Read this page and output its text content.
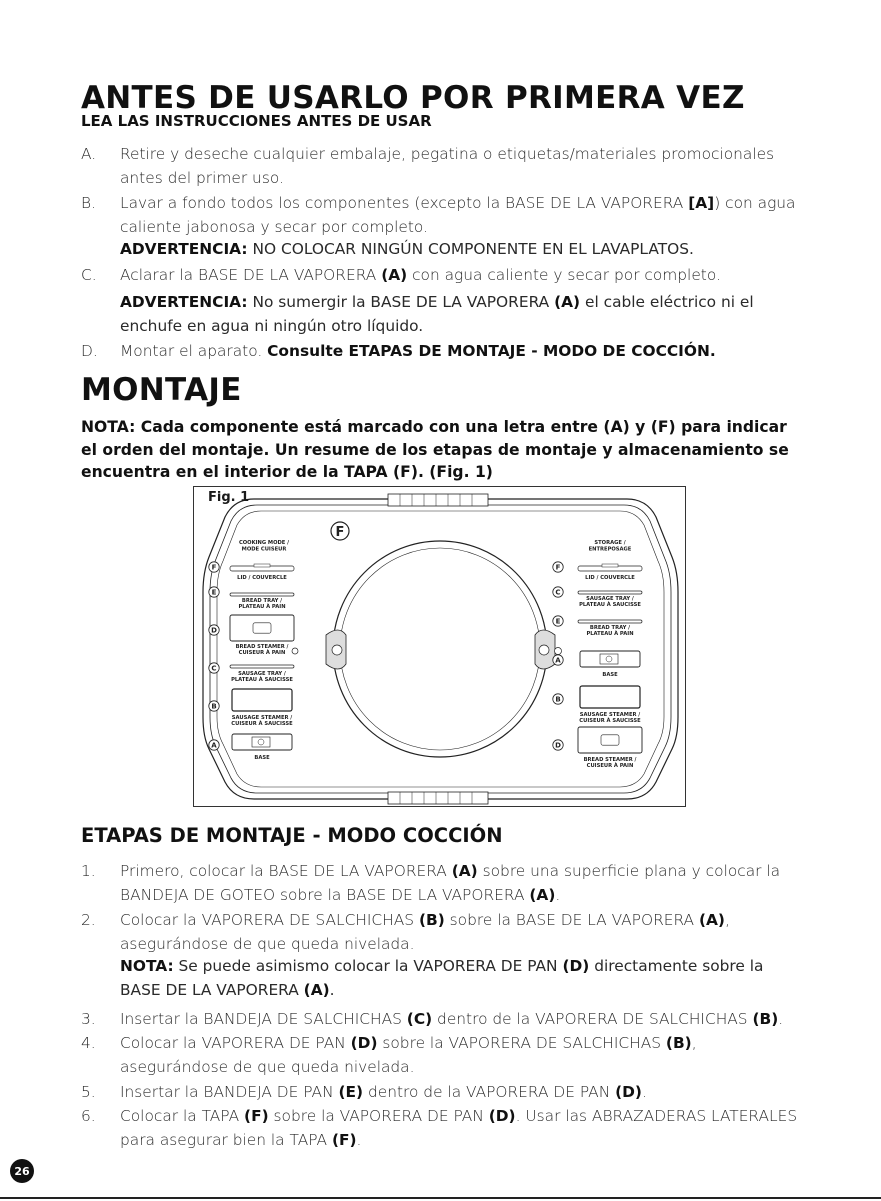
ANTES DE USARLO POR PRIMERA VEZ
LEA LAS INSTRUCCIONES ANTES DE USAR
A. Retire y deseche cualquier embalaje, pegatina o etiquetas/materiales promocionales antes del primer uso.
B. Lavar a fondo todos los componentes (excepto la BASE DE LA VAPORERA [A]) con agua caliente jabonosa y secar por completo.
ADVERTENCIA: NO COLOCAR NINGÚN COMPONENTE EN EL LAVAPLATOS.
C. Aclarar la BASE DE LA VAPORERA (A) con agua caliente y secar por completo.
ADVERTENCIA: No sumergir la BASE DE LA VAPORERA (A) el cable eléctrico ni el enchufe en agua ni ningún otro líquido.
D. Montar el aparato. Consulte ETAPAS DE MONTAJE - MODO DE COCCIÓN.
MONTAJE
NOTA: Cada componente está marcado con una letra entre (A) y (F) para indicar el orden del montaje. Un resume de los etapas de montaje y almacenamiento se encuentra en el interior de la TAPA (F). (Fig. 1)
F
COOKING MODE /
MODE CUISEUR
STORAGE /
ENTREPOSAGE
F
LID / COUVERCLE
E
BREAD TRAY /
PLATEAU À PAIN
D
BREAD STEAMER /
CUISEUR À PAIN
C
SAUSAGE TRAY /
PLATEAU À SAUCISSE
B
SAUSAGE STEAMER /
CUISEUR À SAUCISSE
A
BASE
F
LID / COUVERCLE
C
SAUSAGE TRAY /
PLATEAU À SAUCISSE
E
BREAD TRAY /
PLATEAU À PAIN
A
BASE
B
SAUSAGE STEAMER /
CUISEUR À SAUCISSE
D
BREAD STEAMER /
CUISEUR À PAIN
Fig. 1
ETAPAS DE MONTAJE - MODO COCCIÓN
1. Primero, colocar la BASE DE LA VAPORERA (A) sobre una superficie plana y colocar la BANDEJA DE GOTEO sobre la BASE DE LA VAPORERA (A).
2. Colocar la VAPORERA DE SALCHICHAS (B) sobre la BASE DE LA VAPORERA (A), asegurándose de que queda nivelada.
3. Insertar la BANDEJA DE SALCHICHAS (C) dentro de la VAPORERA DE SALCHICHAS (B).
4. Colocar la VAPORERA DE PAN (D) sobre la VAPORERA DE SALCHICHAS (B), asegurándose de que queda nivelada.
5. Insertar la BANDEJA DE PAN (E) dentro de la VAPORERA DE PAN (D).
6. Colocar la TAPA (F) sobre la VAPORERA DE PAN (D). Usar las ABRAZADERAS LATERALES para asegurar bien la TAPA (F).
NOTA: Se puede asimismo colocar la VAPORERA DE PAN (D) directamente sobre la BASE DE LA VAPORERA (A).
26
